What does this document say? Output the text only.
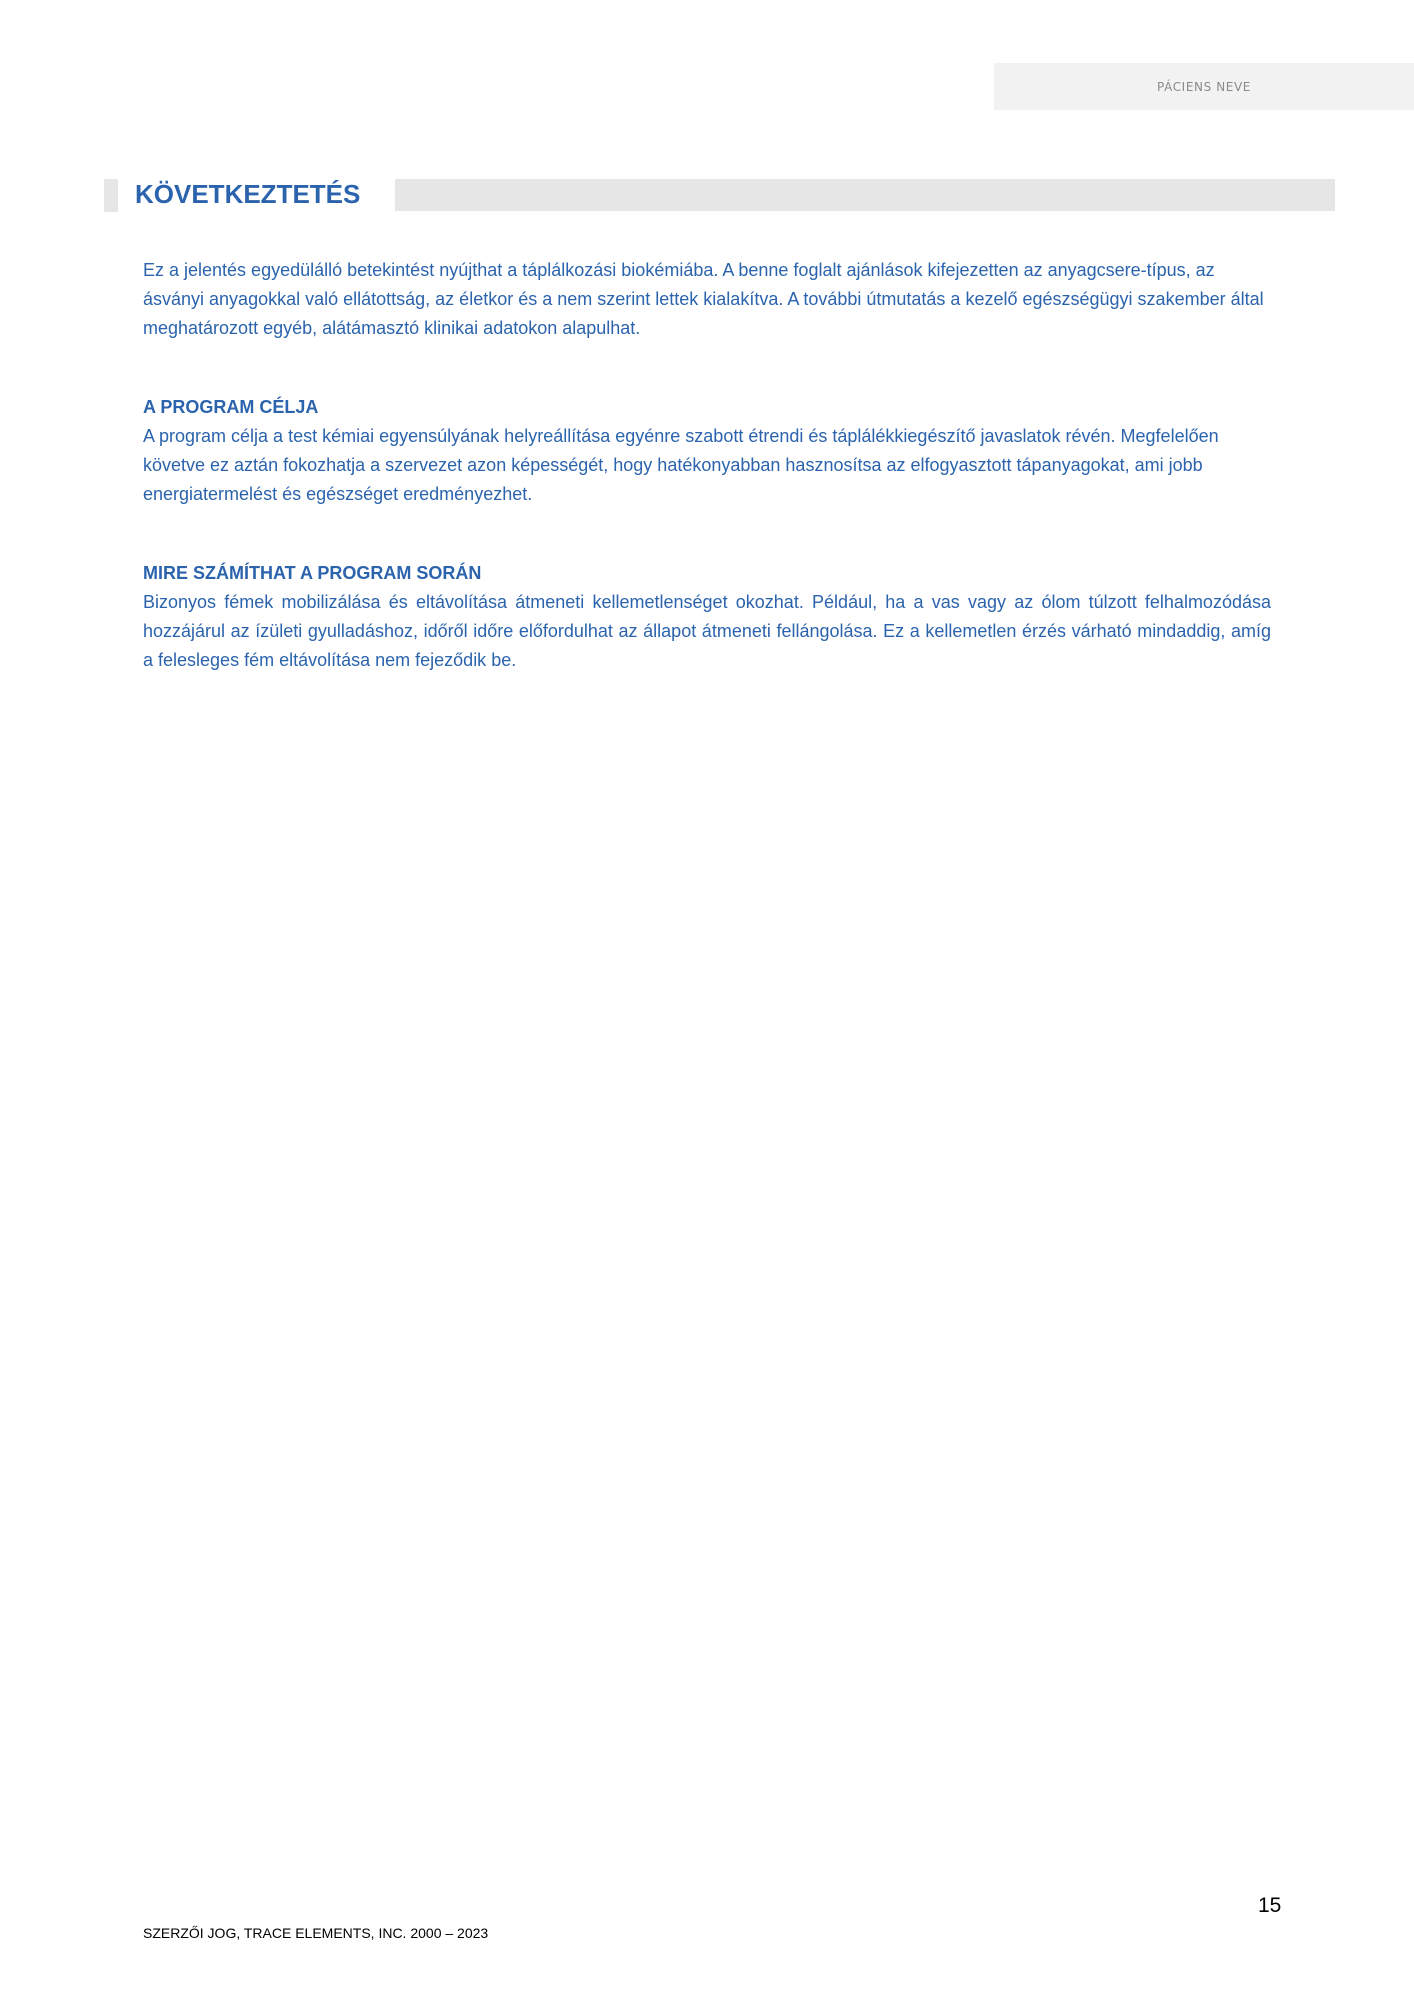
PÁCIENS NEVE
KÖVETKEZTETÉS

Ez a jelentés egyedülálló betekintést nyújthat a táplálkozási biokémiába. A benne foglalt ajánlások kifejezetten az anyagcsere-típus, az ásványi anyagokkal való ellátottság, az életkor és a nem szerint lettek kialakítva. A további útmutatás a kezelő egészségügyi szakember által meghatározott egyéb, alátámasztó klinikai adatokon alapulhat.

A PROGRAM CÉLJA

A program célja a test kémiai egyensúlyának helyreállítása egyénre szabott étrendi és táplálékkiegészítő javaslatok révén. Megfelelően követve ez aztán fokozhatja a szervezet azon képességét, hogy hatékonyabban hasznosítsa az elfogyasztott tápanyagokat, ami jobb energiatermelést és egészséget eredményezhet.

MIRE SZÁMÍTHAT A PROGRAM SORÁN

Bizonyos fémek mobilizálása és eltávolítása átmeneti kellemetlenséget okozhat. Például, ha a vas vagy az ólom túlzott felhalmozódása hozzájárul az ízületi gyulladáshoz, időről időre előfordulhat az állapot átmeneti fellángolása. Ez a kellemetlen érzés várható mindaddig, amíg a felesleges fém eltávolítása nem fejeződik be.

15
SZERZŐI JOG, TRACE ELEMENTS, INC. 2000 – 2023
